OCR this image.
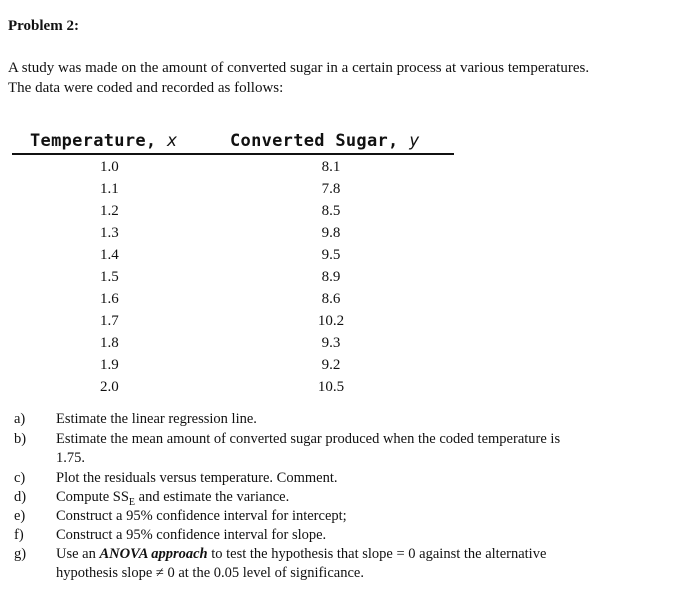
Problem 2:
A study was made on the amount of converted sugar in a certain process at various temperatures.
The data were coded and recorded as follows:
Temperature, x	Converted Sugar, y
1.0	8.1
1.1	7.8
1.2	8.5
1.3	9.8
1.4	9.5
1.5	8.9
1.6	8.6
1.7	10.2
1.8	9.3
1.9	9.2
2.0	10.5
a)	Estimate the linear regression line.
b)	Estimate the mean amount of converted sugar produced when the coded temperature is
1.75.
c)	Plot the residuals versus temperature. Comment.
d)	Compute $SS_E$ and estimate the variance.
e)	Construct a 95% confidence interval for intercept;
f)	Construct a 95% confidence interval for slope.
g)	Use an ANOVA approach to test the hypothesis that slope = 0 against the alternative
hypothesis slope ≠ 0 at the 0.05 level of significance.
